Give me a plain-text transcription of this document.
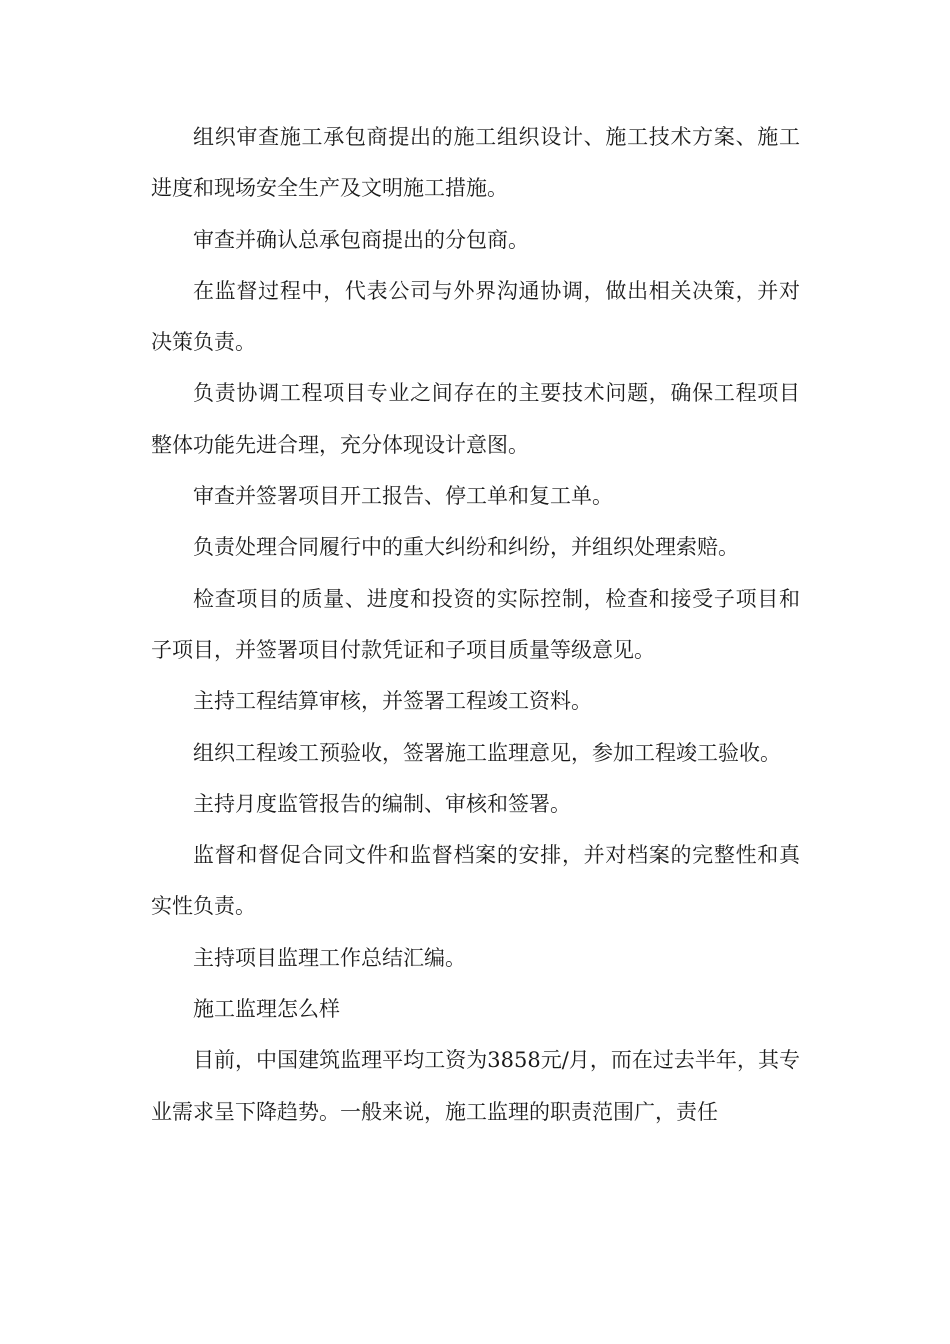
组织审查施工承包商提出的施工组织设计、施工技术方案、施工进度和现场安全生产及文明施工措施。

审查并确认总承包商提出的分包商。

在监督过程中，代表公司与外界沟通协调，做出相关决策，并对决策负责。

负责协调工程项目专业之间存在的主要技术问题，确保工程项目整体功能先进合理，充分体现设计意图。

审查并签署项目开工报告、停工单和复工单。

负责处理合同履行中的重大纠纷和纠纷，并组织处理索赔。

检查项目的质量、进度和投资的实际控制，检查和接受子项目和子项目，并签署项目付款凭证和子项目质量等级意见。

主持工程结算审核，并签署工程竣工资料。

组织工程竣工预验收，签署施工监理意见，参加工程竣工验收。

主持月度监管报告的编制、审核和签署。

监督和督促合同文件和监督档案的安排，并对档案的完整性和真实性负责。

主持项目监理工作总结汇编。

施工监理怎么样

目前，中国建筑监理平均工资为3858元/月，而在过去半年，其专业需求呈下降趋势。一般来说，施工监理的职责范围广，责任
